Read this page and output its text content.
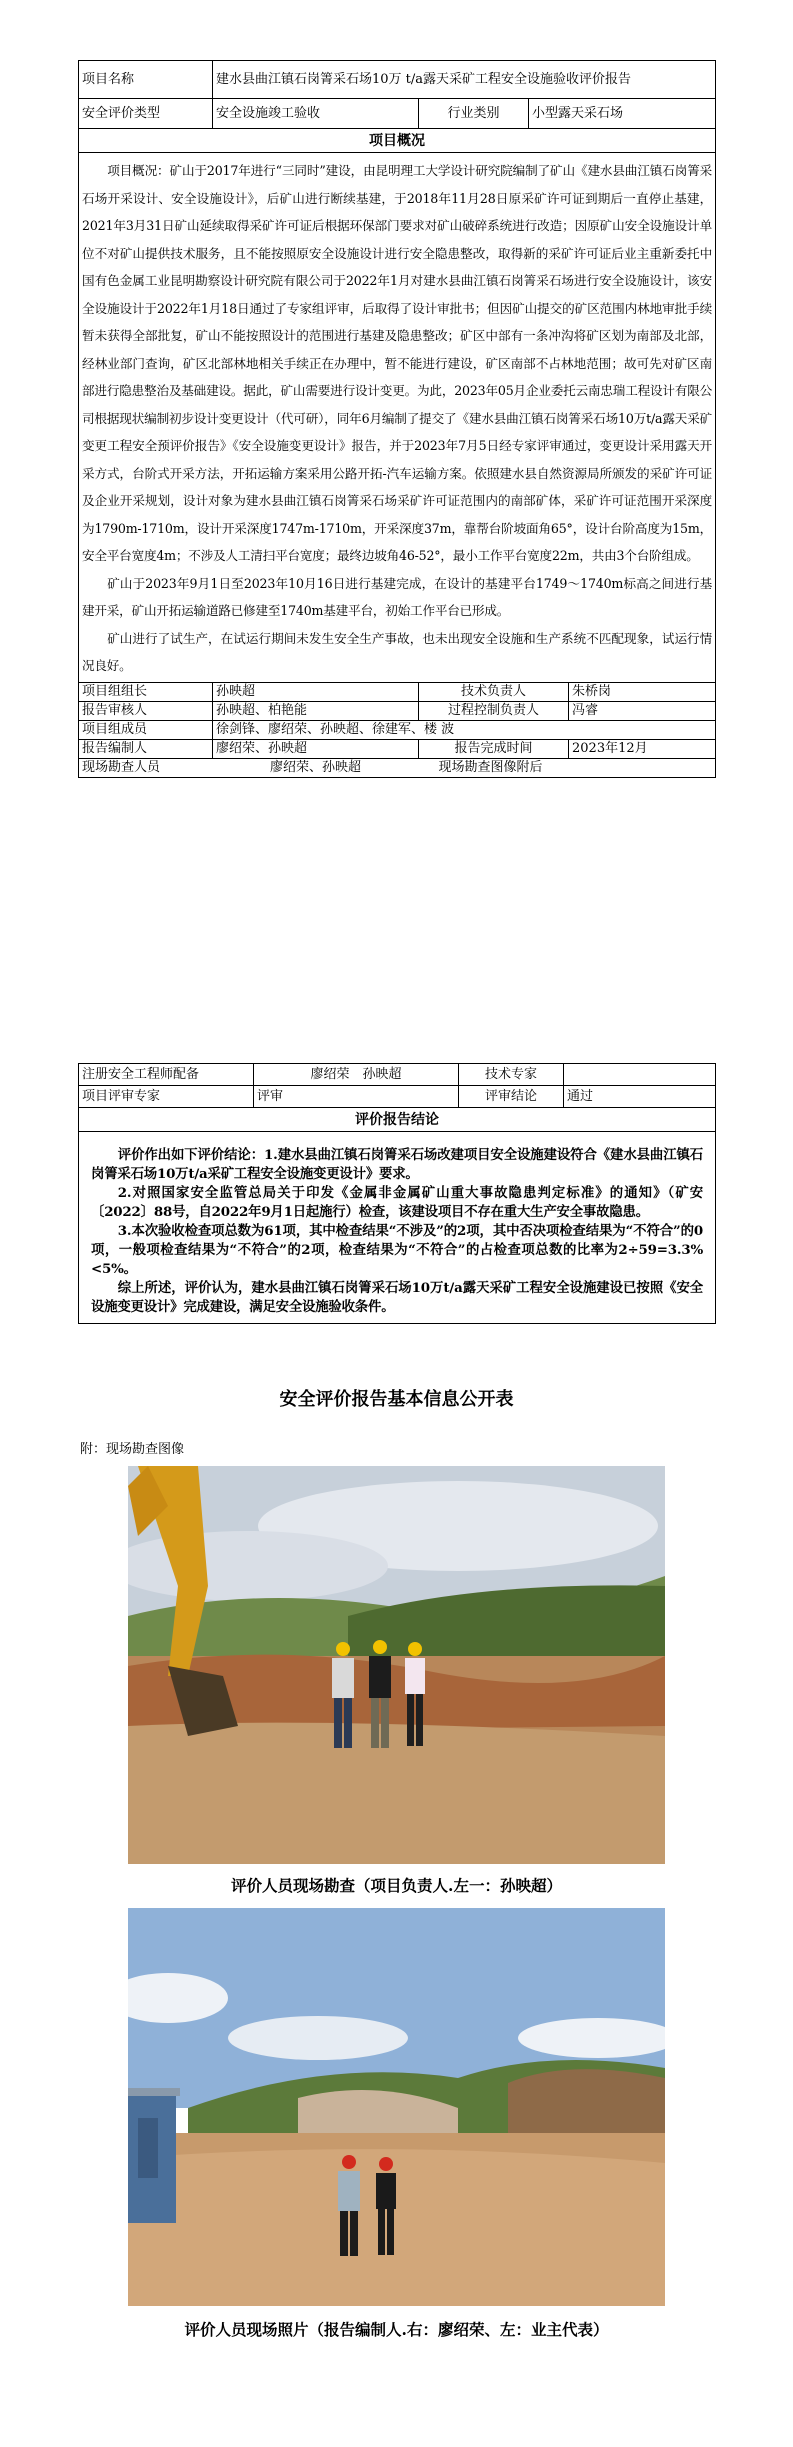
项目名称	建水县曲江镇石岗箐采石场10万 t/a露天采矿工程安全设施验收评价报告			
安全评价类型	安全设施竣工验收	行业类别	小型露天采石场	
项目概况				

项目概况：矿山于2017年进行“三同时”建设，由昆明理工大学设计研究院编制了矿山《建水县曲江镇石岗箐采石场开采设计、安全设施设计》，后矿山进行断续基建，于2018年11月28日原采矿许可证到期后一直停止基建，2021年3月31日矿山延续取得采矿许可证后根据环保部门要求对矿山破碎系统进行改造；因原矿山安全设施设计单位不对矿山提供技术服务，且不能按照原安全设施设计进行安全隐患整改，取得新的采矿许可证后业主重新委托中国有色金属工业昆明勘察设计研究院有限公司于2022年1月对建水县曲江镇石岗箐采石场进行安全设施设计，该安全设施设计于2022年1月18日通过了专家组评审，后取得了设计审批书；但因矿山提交的矿区范围内林地审批手续暂未获得全部批复，矿山不能按照设计的范围进行基建及隐患整改；矿区中部有一条冲沟将矿区划为南部及北部，经林业部门查询，矿区北部林地相关手续正在办理中，暂不能进行建设，矿区南部不占林地范围；故可先对矿区南部进行隐患整治及基础建设。据此，矿山需要进行设计变更。为此，2023年05月企业委托云南忠瑞工程设计有限公司根据现状编制初步设计变更设计（代可研），同年6月编制了提交了《建水县曲江镇石岗箐采石场10万t/a露天采矿变更工程安全预评价报告》《安全设施变更设计》报告，并于2023年7月5日经专家评审通过，变更设计采用露天开采方式，台阶式开采方法，开拓运输方案采用公路开拓-汽车运输方案。依照建水县自然资源局所颁发的采矿许可证及企业开采规划，设计对象为建水县曲江镇石岗箐采石场采矿许可证范围内的南部矿体，采矿许可证范围开采深度为1790m-1710m，设计开采深度1747m-1710m，开采深度37m，靠帮台阶坡面角65°，设计台阶高度为15m，安全平台宽度4m；不涉及人工清扫平台宽度；最终边坡角46-52°，最小工作平台宽度22m，共由3个台阶组成。

矿山于2023年9月1日至2023年10月16日进行基建完成，在设计的基建平台1749～1740m标高之间进行基建开采，矿山开拓运输道路已修建至1740m基建平台，初始工作平台已形成。

矿山进行了试生产，在试运行期间未发生安全生产事故，也未出现安全设施和生产系统不匹配现象，试运行情况良好。				

项目组组长	孙映超	技术负责人		朱桥岗
报告审核人	孙映超、柏艳能	过程控制负责人		冯睿
项目组成员	徐剑锋、廖绍荣、孙映超、徐建军、楼 波			
报告编制人	廖绍荣、孙映超	报告完成时间		2023年12月
现场勘查人员	廖绍荣、孙映超	现场勘查图像附后		
注册安全工程师配备	廖绍荣　孙映超	技术专家	
项目评审专家	评审	评审结论	通过
评价报告结论			

评价作出如下评价结论：1.建水县曲江镇石岗箐采石场改建项目安全设施建设符合《建水县曲江镇石岗箐采石场10万t/a采矿工程安全设施变更设计》要求。

2.对照国家安全监管总局关于印发《金属非金属矿山重大事故隐患判定标准》的通知》（矿安〔2022〕88号，自2022年9月1日起施行）检查，该建设项目不存在重大生产安全事故隐患。

3.本次验收检查项总数为61项，其中检查结果“不涉及”的2项，其中否决项检查结果为“不符合”的0项，一般项检查结果为“不符合”的2项，检查结果为“不符合”的占检查项总数的比率为2÷59=3.3%<5%。

综上所述，评价认为，建水县曲江镇石岗箐采石场10万t/a露天采矿工程安全设施建设已按照《安全设施变更设计》完成建设，满足安全设施验收条件。			

安全评价报告基本信息公开表
附：现场勘查图像
评价人员现场勘查（项目负责人.左一：孙映超）
评价人员现场照片（报告编制人.右：廖绍荣、左：业主代表）
